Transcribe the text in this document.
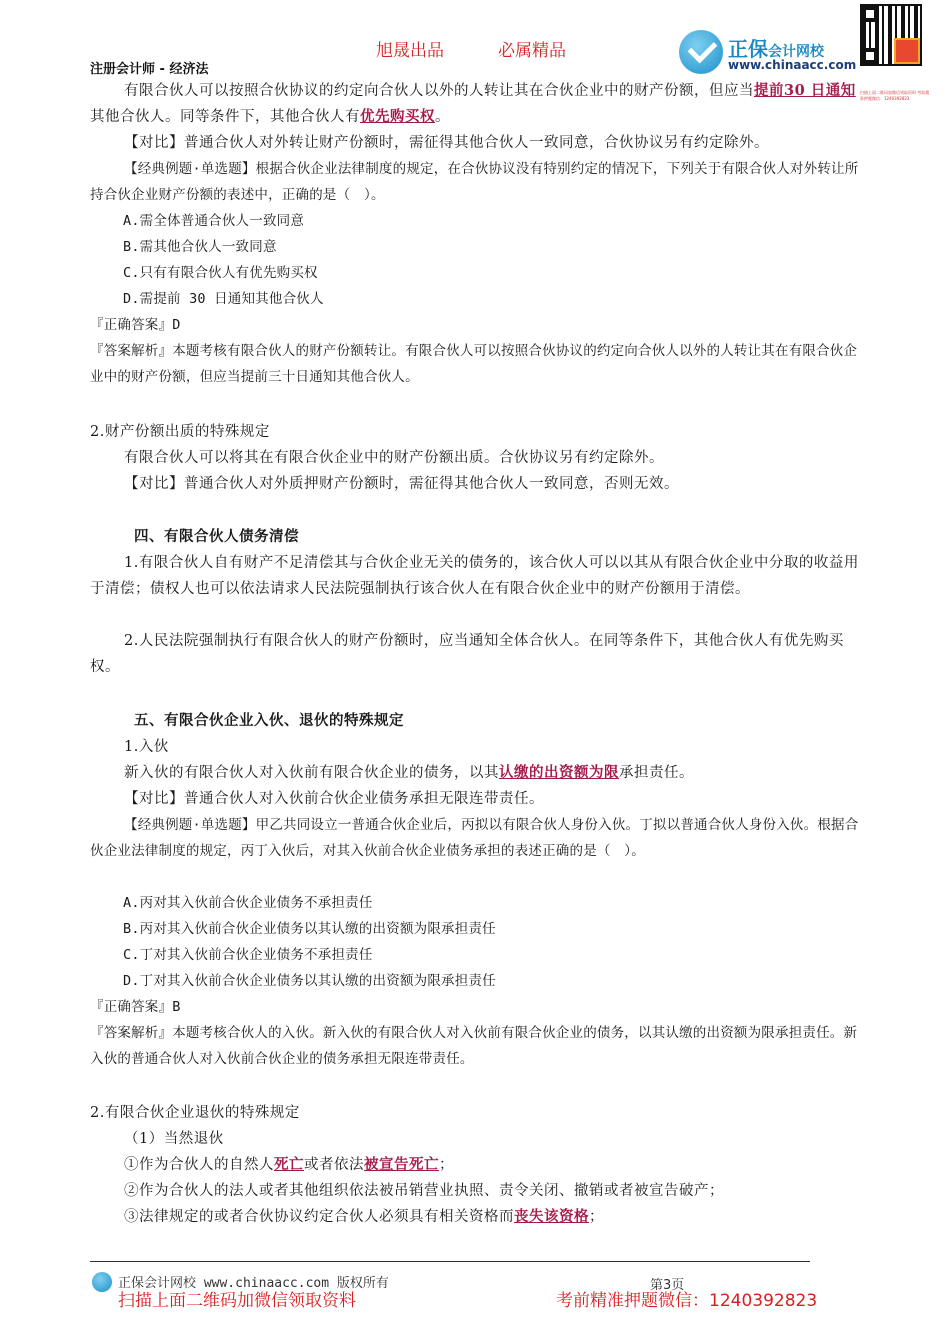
旭晟出品	必属精品
注册会计师 - 经济法
正保会计网校
www.chinaacc.com
扫描上面二维码加微信领取资料 考前精准押题微信：1240392823
有限合伙人可以按照合伙协议的约定向合伙人以外的人转让其在合伙企业中的财产份额，但应当提前30 日通知其他合伙人。同等条件下，其他合伙人有优先购买权。
【对比】普通合伙人对外转让财产份额时，需征得其他合伙人一致同意，合伙协议另有约定除外。
【经典例题·单选题】根据合伙企业法律制度的规定，在合伙协议没有特别约定的情况下，下列关于有限合伙人对外转让所持合伙企业财产份额的表述中，正确的是（　）。
A.需全体普通合伙人一致同意
B.需其他合伙人一致同意
C.只有有限合伙人有优先购买权
D.需提前 30 日通知其他合伙人
『正确答案』D
『答案解析』本题考核有限合伙人的财产份额转让。有限合伙人可以按照合伙协议的约定向合伙人以外的人转让其在有限合伙企业中的财产份额，但应当提前三十日通知其他合伙人。
2.财产份额出质的特殊规定
有限合伙人可以将其在有限合伙企业中的财产份额出质。合伙协议另有约定除外。
【对比】普通合伙人对外质押财产份额时，需征得其他合伙人一致同意，否则无效。
四、有限合伙人债务清偿
1.有限合伙人自有财产不足清偿其与合伙企业无关的债务的，该合伙人可以以其从有限合伙企业中分取的收益用于清偿；债权人也可以依法请求人民法院强制执行该合伙人在有限合伙企业中的财产份额用于清偿。
2.人民法院强制执行有限合伙人的财产份额时，应当通知全体合伙人。在同等条件下，其他合伙人有优先购买权。
五、有限合伙企业入伙、退伙的特殊规定
1.入伙
新入伙的有限合伙人对入伙前有限合伙企业的债务，以其认缴的出资额为限承担责任。
【对比】普通合伙人对入伙前合伙企业债务承担无限连带责任。
【经典例题·单选题】甲乙共同设立一普通合伙企业后，丙拟以有限合伙人身份入伙。丁拟以普通合伙人身份入伙。根据合伙企业法律制度的规定，丙丁入伙后，对其入伙前合伙企业债务承担的表述正确的是（　）。
A.丙对其入伙前合伙企业债务不承担责任
B.丙对其入伙前合伙企业债务以其认缴的出资额为限承担责任
C.丁对其入伙前合伙企业债务不承担责任
D.丁对其入伙前合伙企业债务以其认缴的出资额为限承担责任
『正确答案』B
『答案解析』本题考核合伙人的入伙。新入伙的有限合伙人对入伙前有限合伙企业的债务，以其认缴的出资额为限承担责任。新入伙的普通合伙人对入伙前合伙企业的债务承担无限连带责任。
2.有限合伙企业退伙的特殊规定
（1）当然退伙
①作为合伙人的自然人死亡或者依法被宣告死亡；
②作为合伙人的法人或者其他组织依法被吊销营业执照、责令关闭、撤销或者被宣告破产；
③法律规定的或者合伙协议约定合伙人必须具有相关资格而丧失该资格；
正保会计网校 www.chinaacc.com 版权所有	第3页
扫描上面二维码加微信领取资料	考前精准押题微信：1240392823
